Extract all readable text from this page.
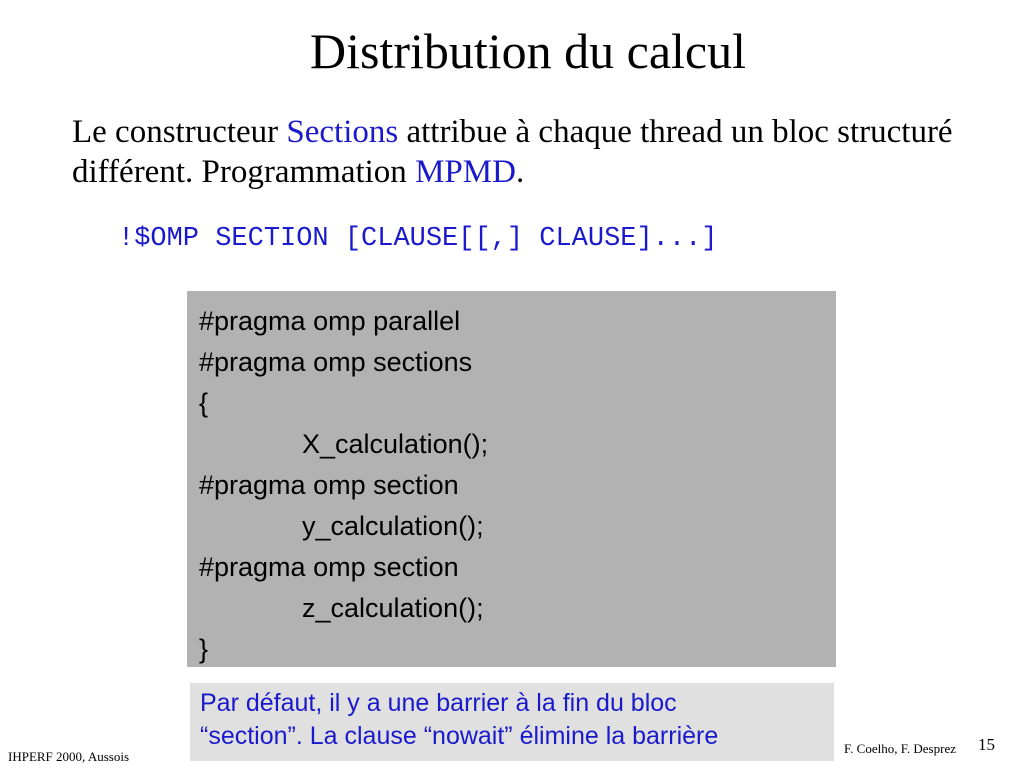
Distribution du calcul
Le constructeur Sections attribue à chaque thread un bloc structuré différent. Programmation MPMD.
!$OMP SECTION [CLAUSE[[,] CLAUSE]...]
#pragma omp parallel
#pragma omp sections
{
X_calculation();
#pragma omp section
y_calculation();
#pragma omp section
z_calculation();
}
Par défaut, il y a une barrier à la fin du bloc
“section”. La clause “nowait” élimine la barrière
IHPERF 2000, Aussois
F. Coelho, F. Desprez 15
